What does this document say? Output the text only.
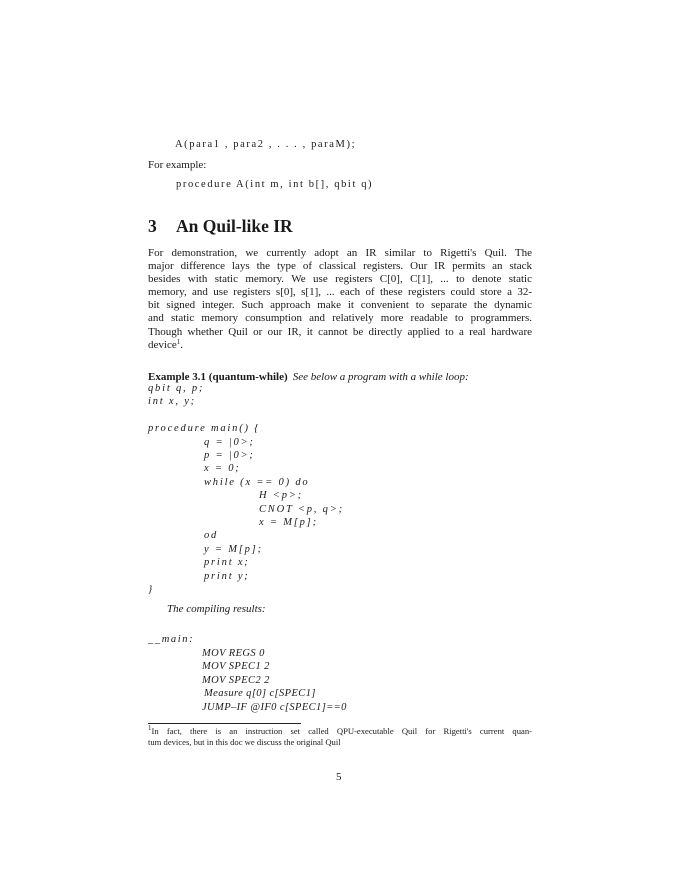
A(para1 , para2 , . . . , paraM);
For example:
procedure A(int m, int b[], qbit q)
3 An Quil-like IR
For demonstration, we currently adopt an IR similar to Rigetti's Quil. The
major difference lays the type of classical registers. Our IR permits an stack
besides with static memory. We use registers C[0], C[1], ... to denote static
memory, and use registers s[0], s[1], ... each of these registers could store a 32-
bit signed integer. Such approach make it convenient to separate the dynamic
and static memory consumption and relatively more readable to programmers.
Though whether Quil or our IR, it cannot be directly applied to a real hardware
device$^1$.
Example 3.1 (quantum-while) See below a program with a while loop:
qbit q, p;
int x, y;
procedure main() {
q = |0>;
p = |0>;
x = 0;
while (x == 0) do
H <p>;
CNOT <p, q>;
x = M[p];
od
y = M[p];
print x;
print y;
}
The compiling results:
__main:
MOV REGS 0
MOV SPEC1 2
MOV SPEC2 2
Measure q[0] c[SPEC1]
JUMP–IF @IF0 c[SPEC1]==0
$^1$In fact, there is an instruction set called QPU-executable Quil for Rigetti's current quan-
tum devices, but in this doc we discuss the original Quil
5
